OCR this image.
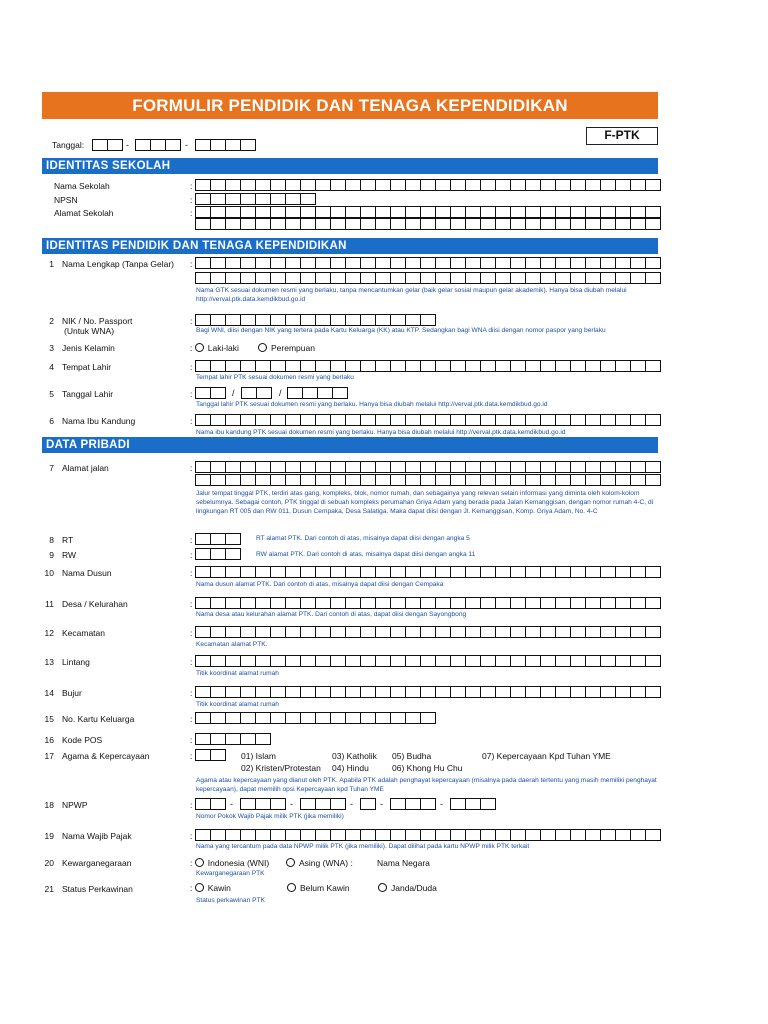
FORMULIR PENDIDIK DAN TENAGA KEPENDIDIKAN
F-PTK
Tanggal:	-	-
IDENTITAS SEKOLAH
Nama Sekolah	:
NPSN	:
Alamat Sekolah	:
IDENTITAS PENDIDIK DAN TENAGA KEPENDIDIKAN
1 Nama Lengkap (Tanpa Gelar) :
Nama GTK sesuai dokumen resmi yang berlaku, tanpa mencantumkan gelar (baik gelar sosial maupun gelar akademik). Hanya bisa diubah melalui http://verval.ptk.data.kemdikbud.go.id
2 NIK / No. Passport
(Untuk WNA)
:
Bagi WNI, diisi dengan NIK yang tertera pada Kartu Keluarga (KK) atau KTP. Sedangkan bagi WNA diisi dengan nomor paspor yang berlaku
3 Jenis Kelamin	: Laki-laki	Perempuan
4 Tempat Lahir	:
Tempat lahir PTK sesuai dokumen resmi yang berlaku
5 Tanggal Lahir	:	/	/
Tanggal lahir PTK sesuai dokumen resmi yang berlaku. Hanya bisa diubah melalui http://verval.ptk.data.kemdikbud.go.id
6 Nama Ibu Kandung	:
Nama ibu kandung PTK sesuai dokumen resmi yang berlaku. Hanya bisa diubah melalui http://verval.ptk.data.kemdikbud.go.id
DATA PRIBADI
7 Alamat jalan	:
Jalur tempat tinggal PTK, terdiri atas gang, kompleks, blok, nomor rumah, dan sebagainya yang relevan selain informasi yang diminta oleh kolom-kolom sebelumnya. Sebagai contoh, PTK tinggal di sebuah kompleks perumahan Griya Adam yang berada pada Jalan Kemanggisan, dengan nomor rumah 4-C, di lingkungan RT 005 dan RW 011, Dusun Cempaka, Desa Salatiga. Maka dapat diisi dengan Jl. Kemanggisan, Komp. Griya Adam, No. 4-C
8 RT	:	RT alamat PTK. Dari contoh di atas, misalnya dapat diisi dengan angka 5
9 RW	:	RW alamat PTK. Dari contoh di atas, misalnya dapat diisi dengan angka 11
10 Nama Dusun	:
Nama dusun alamat PTK. Dari contoh di atas, misalnya dapat diisi dengan Cempaka
11 Desa / Kelurahan	:
Nama desa atau kelurahan alamat PTK. Dari contoh di atas, dapat diisi dengan Sayongbong
12 Kecamatan	:
Kecamatan alamat PTK.
13 Lintang	:
Titik koordinat alamat rumah
14 Bujur	:
Titik koordinat alamat rumah
15 No. Kartu Keluarga	:
16 Kode POS	:
17 Agama & Kepercayaan	:	01) Islam	03) Katholik 05) Budha	07) Kepercayaan Kpd Tuhan YME
02) Kristen/Protestan 04) Hindu	06) Khong Hu Chu
Agama atau kepercayaan yang dianut oleh PTK. Apabila PTK adalah penghayat kepercayaan (misalnya pada daerah tertentu yang masih memiliki penghayat kepercayaan), dapat memilih opsi Kepercayaan kpd Tuhan YME
18 NPWP	:	-	-	-	-	-
Nomor Pokok Wajib Pajak milik PTK (jika memiliki)
19 Nama Wajib Pajak	:
Nama yang tercantum pada data NPWP milik PTK (jika memiliki). Dapat dilihat pada kartu NPWP milik PTK terkait
20 Kewarganegaraan	: Indonesia (WNI)	Asing (WNA) :	Nama Negara
Kewarganegaraan PTK
21 Status Perkawinan	: Kawin	Belum Kawin	Janda/Duda
Status perkawinan PTK
